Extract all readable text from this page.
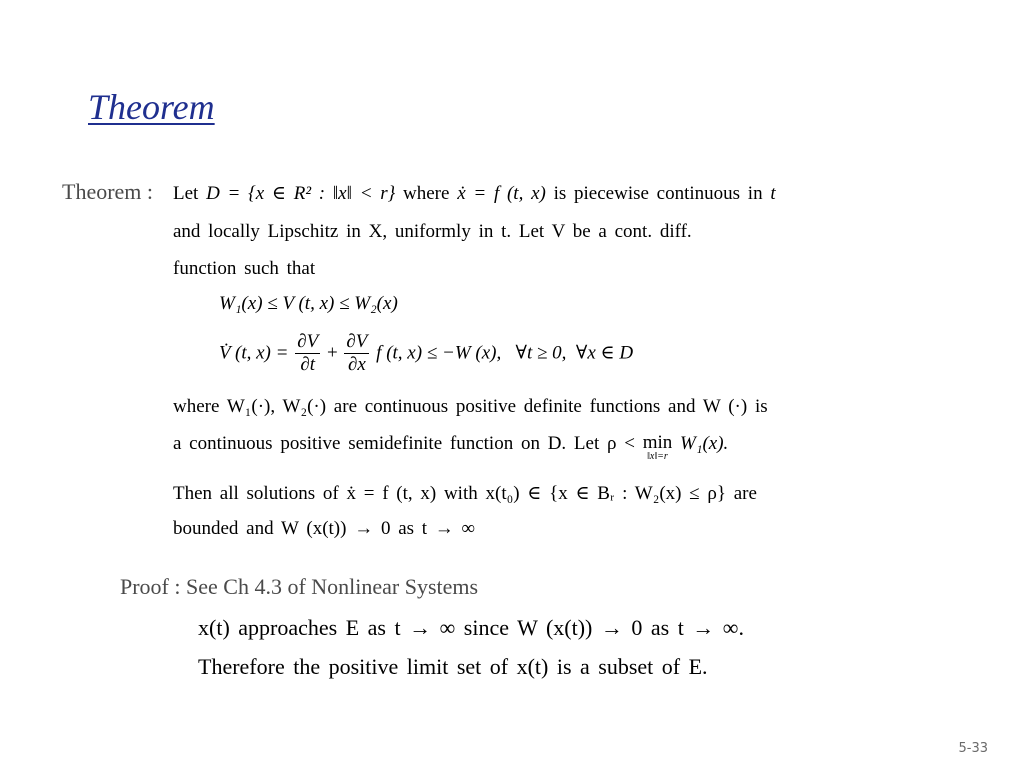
Theorem
Theorem : Let D = {x ∈ R² : ‖x‖ < r} where ẋ = f (t, x) is piecewise continuous in t
and locally Lipschitz in X, uniformly in t. Let V be a cont. diff.
function such that
W₁(x) ≤ V (t, x) ≤ W₂(x)
V̇ (t, $x) = \frac{\partial V}{\partial t} + \frac{\partial V}{\partial x}$ f (t, x) ≤ −W (x),   ∀t ≥ 0,  ∀x ∈ D
where W₁(·), W₂(·) are continuous positive definite functions and W (·) is
a continuous positive semidefinite function on D. Let ρ < min
‖x‖=r
W₁(x).
Then all solutions of ẋ = f (t, x) with x(t₀) ∈ {x ∈ Bᵣ : W₂(x) ≤ ρ} are
bounded and W (x(t)) → 0 as t → ∞
Proof : See Ch 4.3 of Nonlinear Systems
x(t) approaches E as t → ∞ since W (x(t)) → 0 as t → ∞.
Therefore the positive limit set of x(t) is a subset of E.
5-33
